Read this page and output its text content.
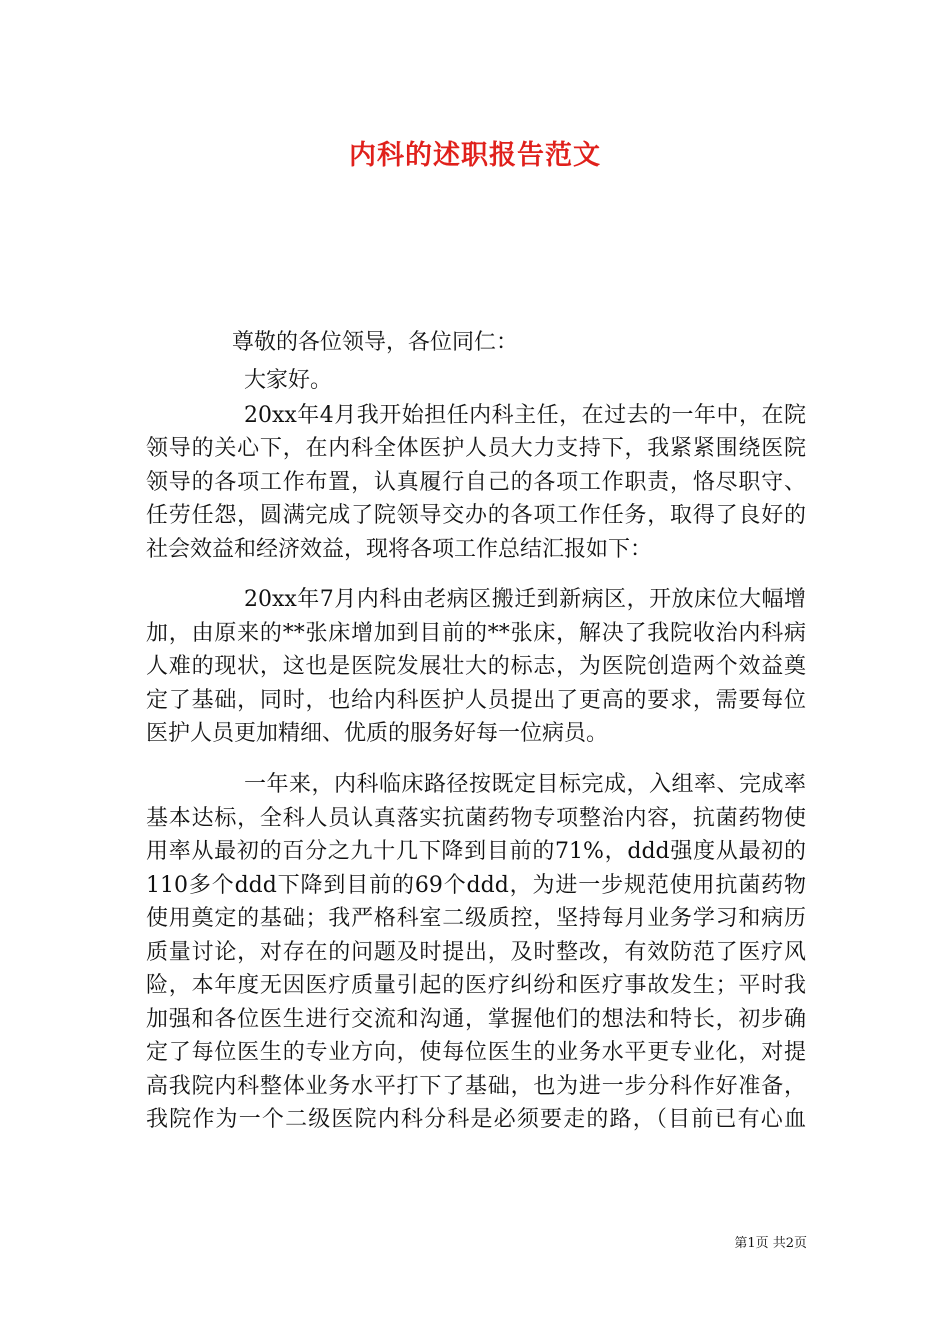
内科的述职报告范文
尊敬的各位领导，各位同仁：
大家好。
20xx年4月我开始担任内科主任，在过去的一年中，在院
领导的关心下，在内科全体医护人员大力支持下，我紧紧围绕医院
领导的各项工作布置，认真履行自己的各项工作职责，恪尽职守、
任劳任怨，圆满完成了院领导交办的各项工作任务，取得了良好的
社会效益和经济效益，现将各项工作总结汇报如下：
20xx年7月内科由老病区搬迁到新病区，开放床位大幅增
加，由原来的**张床增加到目前的**张床，解决了我院收治内科病
人难的现状，这也是医院发展壮大的标志，为医院创造两个效益奠
定了基础，同时，也给内科医护人员提出了更高的要求，需要每位
医护人员更加精细、优质的服务好每一位病员。
一年来，内科临床路径按既定目标完成，入组率、完成率
基本达标，全科人员认真落实抗菌药物专项整治内容，抗菌药物使
用率从最初的百分之九十几下降到目前的71%，ddd强度从最初的
110多个ddd下降到目前的69个ddd，为进一步规范使用抗菌药物
使用奠定的基础；我严格科室二级质控，坚持每月业务学习和病历
质量讨论，对存在的问题及时提出，及时整改，有效防范了医疗风
险，本年度无因医疗质量引起的医疗纠纷和医疗事故发生；平时我
加强和各位医生进行交流和沟通，掌握他们的想法和特长，初步确
定了每位医生的专业方向，使每位医生的业务水平更专业化，对提
高我院内科整体业务水平打下了基础，也为进一步分科作好准备，
我院作为一个二级医院内科分科是必须要走的路，（目前已有心血
第1页 共2页
